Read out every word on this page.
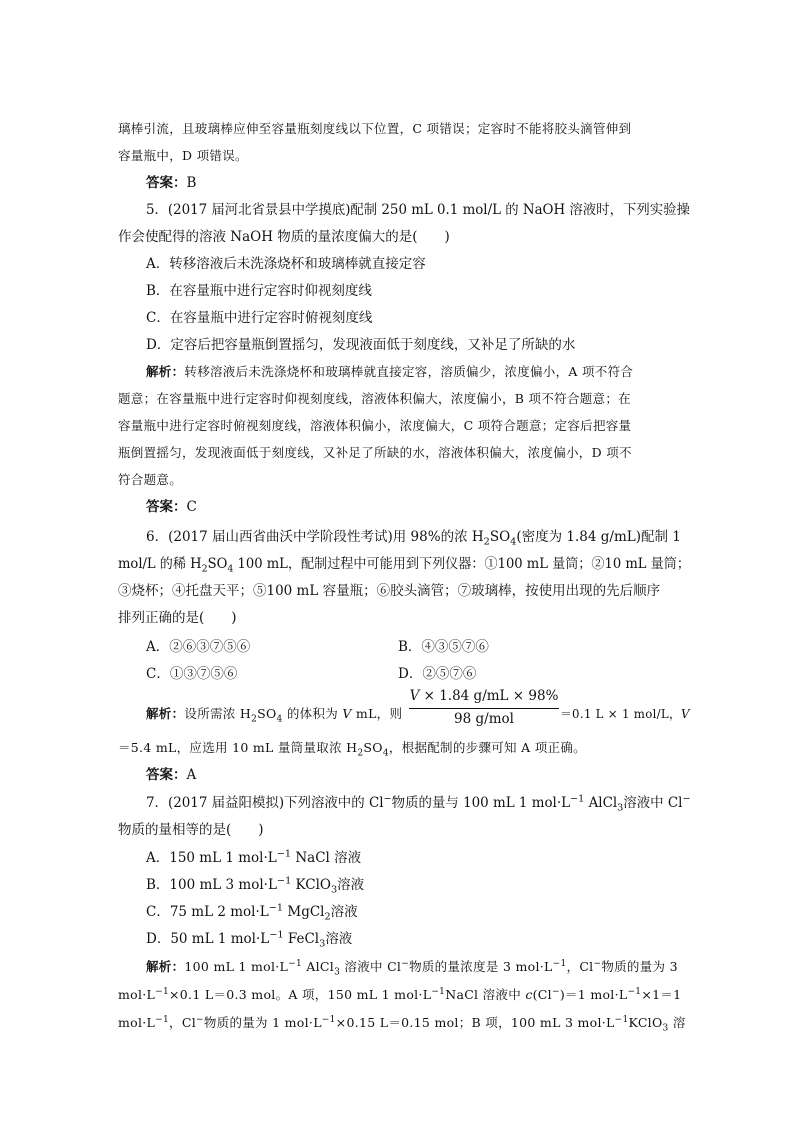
璃棒引流，且玻璃棒应伸至容量瓶刻度线以下位置，C 项错误；定容时不能将胶头滴管伸到
容量瓶中，D 项错误。
答案：B
5．(2017 届河北省景县中学摸底)配制 250 mL 0.1 mol/L 的 NaOH 溶液时，下列实验操
作会使配得的溶液 NaOH 物质的量浓度偏大的是(　　)
A．转移溶液后未洗涤烧杯和玻璃棒就直接定容
B．在容量瓶中进行定容时仰视刻度线
C．在容量瓶中进行定容时俯视刻度线
D．定容后把容量瓶倒置摇匀，发现液面低于刻度线，又补足了所缺的水
解析：转移溶液后未洗涤烧杯和玻璃棒就直接定容，溶质偏少，浓度偏小，A 项不符合
题意；在容量瓶中进行定容时仰视刻度线，溶液体积偏大，浓度偏小，B 项不符合题意；在
容量瓶中进行定容时俯视刻度线，溶液体积偏小，浓度偏大，C 项符合题意；定容后把容量
瓶倒置摇匀，发现液面低于刻度线，又补足了所缺的水，溶液体积偏大，浓度偏小，D 项不
符合题意。
答案：C
6．(2017 届山西省曲沃中学阶段性考试)用 98%的浓 $H_2SO_4$(密度为 1.84 g/mL)配制 1
mol/L 的稀 $H_2SO_4$ 100 mL，配制过程中可能用到下列仪器：①100 mL 量筒；②10 mL 量筒；
③烧杯；④托盘天平；⑤100 mL 容量瓶；⑥胶头滴管；⑦玻璃棒，按使用出现的先后顺序
排列正确的是(　　)
A．②⑥③⑦⑤⑥	B．④③⑤⑦⑥
C．①③⑦⑤⑥	D．②⑤⑦⑥
解析：设所需浓 $H_2SO_4$ 的体积为 V mL，则
V × 1.84 g/mL × 98%
98 g/mol	＝0.1 L × 1 mol/L，V
＝5.4 mL，应选用 10 mL 量筒量取浓 $H_2SO_4$，根据配制的步骤可知 A 项正确。
答案：A
7．(2017 届益阳模拟)下列溶液中的 Cl−物质的量与 100 mL 1 $mol\cdot L^{-1}$ AlCl$_3$溶液中 Cl−
物质的量相等的是(　　)
A．150 mL 1 $mol\cdot L^{-1}$ NaCl 溶液
B．100 mL 3 $mol\cdot L^{-1}$ KClO$_3$溶液
C．75 mL 2 $mol\cdot L^{-1}$ MgCl$_2$溶液
D．50 mL 1 $mol\cdot L^{-1}$ FeCl$_3$溶液
解析：100 mL 1 $mol\cdot L^{-1}$ AlCl$_3$ 溶液中 Cl−物质的量浓度是 3 $mol\cdot L^{-1}$，Cl−物质的量为 3
$mol\cdot L^{-1}\times 0.1$ L＝0.3 mol。A 项，150 mL 1 $mol\cdot L^{-1}NaCl$ 溶液中 c(Cl−)＝1 $mol\cdot L^{-1}\times 1=1$
$mol\cdot L^{-1}$，Cl−物质的量为 1 $mol\cdot L^{-1}\times 0.15$ L＝0.15 mol；B 项，100 mL 3 $mol\cdot L^{-1}KClO_3$ 溶
